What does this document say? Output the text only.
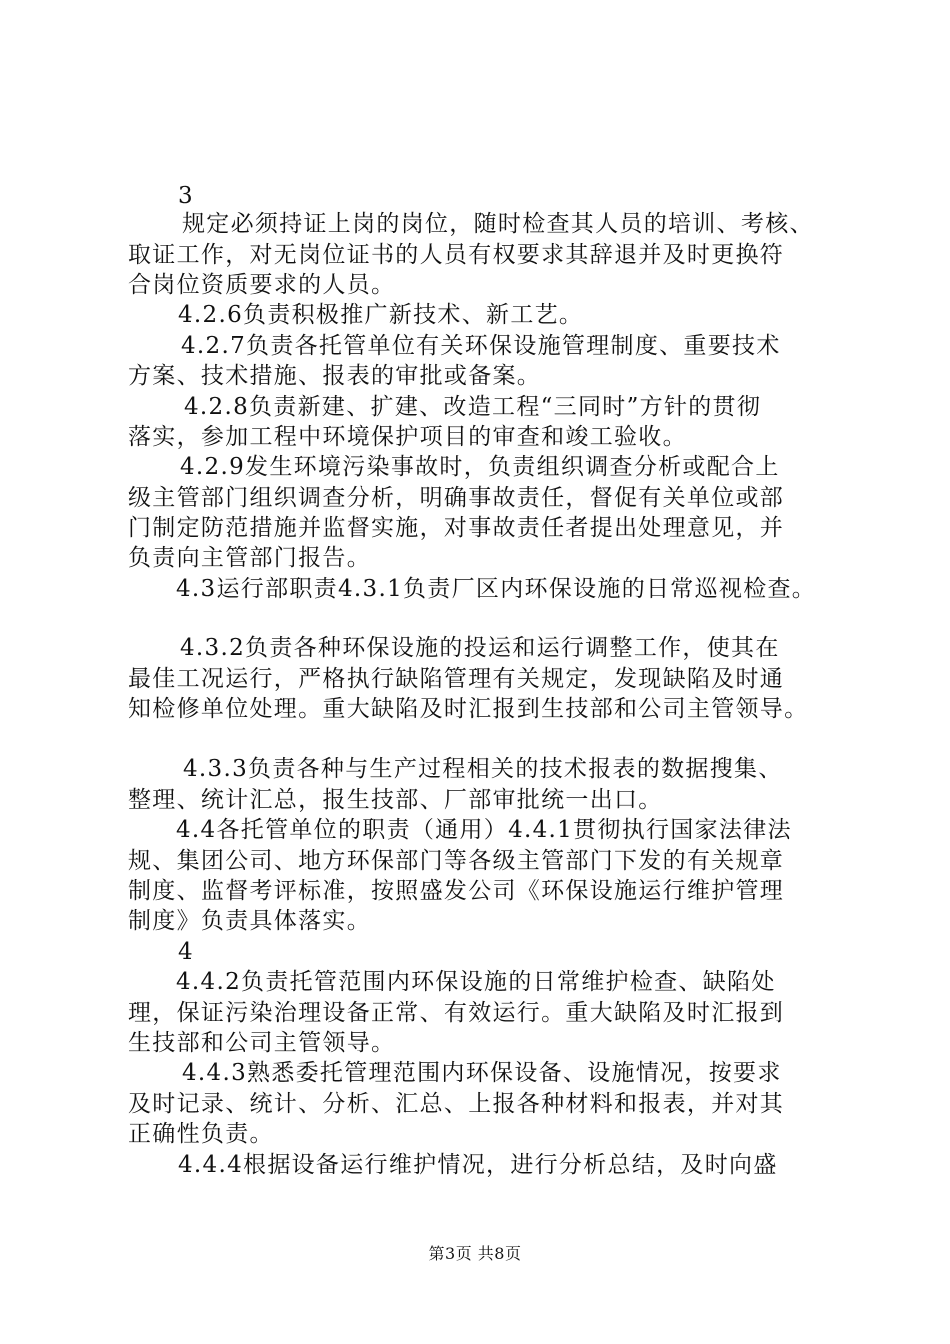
3
规定必须持证上岗的岗位，随时检查其人员的培训、考核、
取证工作，对无岗位证书的人员有权要求其辞退并及时更换符
合岗位资质要求的人员。
4.2.6负责积极推广新技术、新工艺。
4.2.7负责各托管单位有关环保设施管理制度、重要技术
方案、技术措施、报表的审批或备案。
4.2.8负责新建、扩建、改造工程“三同时”方针的贯彻
落实，参加工程中环境保护项目的审查和竣工验收。
4.2.9发生环境污染事故时，负责组织调查分析或配合上
级主管部门组织调查分析，明确事故责任，督促有关单位或部
门制定防范措施并监督实施，对事故责任者提出处理意见，并
负责向主管部门报告。
4.3运行部职责4.3.1负责厂区内环保设施的日常巡视检查。
4.3.2负责各种环保设施的投运和运行调整工作，使其在
最佳工况运行，严格执行缺陷管理有关规定，发现缺陷及时通
知检修单位处理。重大缺陷及时汇报到生技部和公司主管领导。
4.3.3负责各种与生产过程相关的技术报表的数据搜集、
整理、统计汇总，报生技部、厂部审批统一出口。
4.4各托管单位的职责（通用）4.4.1贯彻执行国家法律法
规、集团公司、地方环保部门等各级主管部门下发的有关规章
制度、监督考评标准，按照盛发公司《环保设施运行维护管理
制度》负责具体落实。
4
4.4.2负责托管范围内环保设施的日常维护检查、缺陷处
理，保证污染治理设备正常、有效运行。重大缺陷及时汇报到
生技部和公司主管领导。
4.4.3熟悉委托管理范围内环保设备、设施情况，按要求
及时记录、统计、分析、汇总、上报各种材料和报表，并对其
正确性负责。
4.4.4根据设备运行维护情况，进行分析总结，及时向盛
第3页 共8页
